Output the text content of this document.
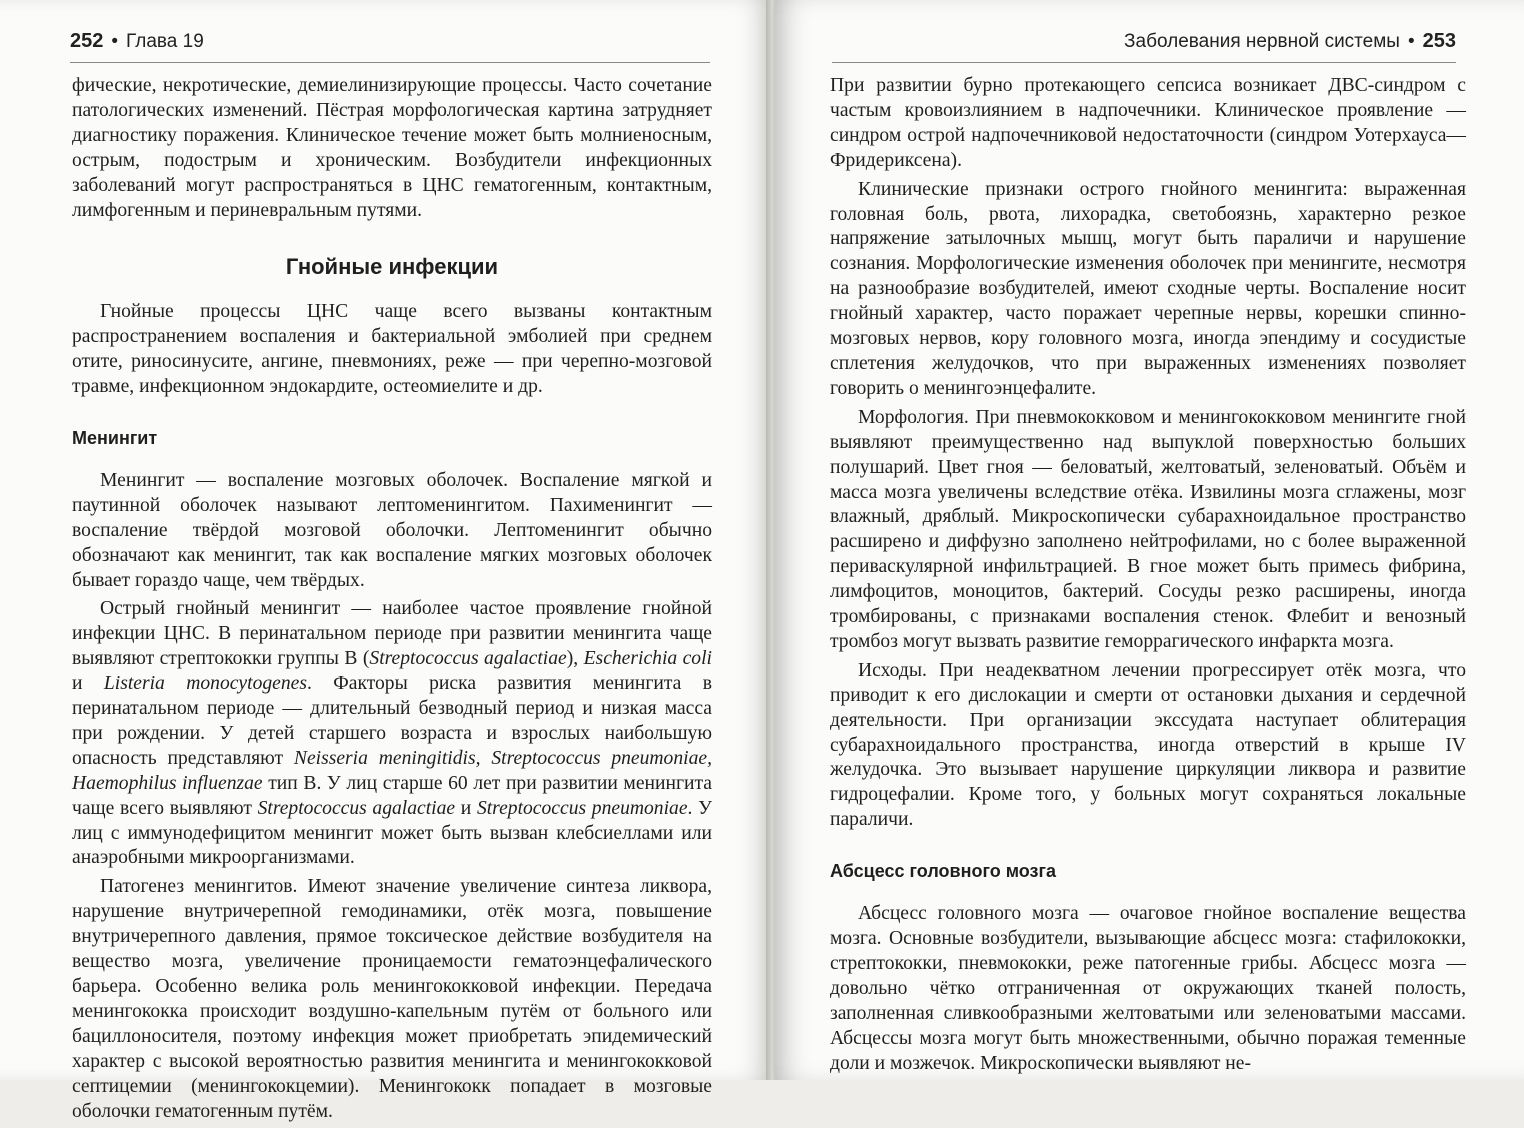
252 • Глава 19

фические, некротические, демиелинизирующие процессы. Часто сочетание патологических изменений. Пёстрая морфологическая картина затрудняет диагностику поражения. Клиническое течение может быть молниеносным, острым, подострым и хроническим. Возбудители инфекционных заболеваний могут распространяться в ЦНС гематогенным, контактным, лимфогенным и периневральным путями.

Гнойные инфекции

Гнойные процессы ЦНС чаще всего вызваны контактным распространением воспаления и бактериальной эмболией при среднем отите, риносинусите, ангине, пневмониях, реже — при черепно-мозговой травме, инфекционном эндокардите, остеомиелите и др.

Менингит

Менингит — воспаление мозговых оболочек. Воспаление мягкой и паутинной оболочек называют лептоменингитом. Пахименингит — воспаление твёрдой мозговой оболочки. Лептоменингит обычно обозначают как менингит, так как воспаление мягких мозговых оболочек бывает гораздо чаще, чем твёрдых.

Острый гнойный менингит — наиболее частое проявление гнойной инфекции ЦНС. В перинатальном периоде при развитии менингита чаще выявляют стрептококки группы В (Streptococcus agalactiae), Escherichia coli и Listeria monocytogenes. Факторы риска развития менингита в перинатальном периоде — длительный безводный период и низкая масса при рождении. У детей старшего возраста и взрослых наибольшую опасность представляют Neisseria meningitidis, Streptococcus pneumoniae, Haemophilus influenzae тип В. У лиц старше 60 лет при развитии менингита чаще всего выявляют Streptococcus agalactiae и Streptococcus pneumoniae. У лиц с иммунодефицитом менингит может быть вызван клебсиеллами или анаэробными микроорганизмами.

Патогенез менингитов. Имеют значение увеличение синтеза ликвора, нарушение внутричерепной гемодинамики, отёк мозга, повышение внутричерепного давления, прямое токсическое действие возбудителя на вещество мозга, увеличение проницаемости гематоэнцефалического барьера. Особенно велика роль менингококковой инфекции. Передача менингококка происходит воздушно-капельным путём от больного или бациллоносителя, поэтому инфекция может приобретать эпидемический характер с высокой вероятностью развития менингита и менингококковой септицемии (менингококцемии). Менингококк попадает в мозговые оболочки гематогенным путём.

Заболевания нервной системы • 253

При развитии бурно протекающего сепсиса возникает ДВС-синдром с частым кровоизлиянием в надпочечники. Клиническое проявление — синдром острой надпочечниковой недостаточности (синдром Уотерхауса—Фридериксена).

Клинические признаки острого гнойного менингита: выраженная головная боль, рвота, лихорадка, светобоязнь, характерно резкое напряжение затылочных мышц, могут быть параличи и нарушение сознания. Морфологические изменения оболочек при менингите, несмотря на разнообразие возбудителей, имеют сходные черты. Воспаление носит гнойный характер, часто поражает черепные нервы, корешки спинно-мозговых нервов, кору головного мозга, иногда эпендиму и сосудистые сплетения желудочков, что при выраженных изменениях позволяет говорить о менингоэнцефалите.

Морфология. При пневмококковом и менингококковом менингите гной выявляют преимущественно над выпуклой поверхностью больших полушарий. Цвет гноя — беловатый, желтоватый, зеленоватый. Объём и масса мозга увеличены вследствие отёка. Извилины мозга сглажены, мозг влажный, дряблый. Микроскопически субарахноидальное пространство расширено и диффузно заполнено нейтрофилами, но с более выраженной периваскулярной инфильтрацией. В гное может быть примесь фибрина, лимфоцитов, моноцитов, бактерий. Сосуды резко расширены, иногда тромбированы, с признаками воспаления стенок. Флебит и венозный тромбоз могут вызвать развитие геморрагического инфаркта мозга.

Исходы. При неадекватном лечении прогрессирует отёк мозга, что приводит к его дислокации и смерти от остановки дыхания и сердечной деятельности. При организации экссудата наступает облитерация субарахноидального пространства, иногда отверстий в крыше IV желудочка. Это вызывает нарушение циркуляции ликвора и развитие гидроцефалии. Кроме того, у больных могут сохраняться локальные параличи.

Абсцесс головного мозга

Абсцесс головного мозга — очаговое гнойное воспаление вещества мозга. Основные возбудители, вызывающие абсцесс мозга: стафилококки, стрептококки, пневмококки, реже патогенные грибы. Абсцесс мозга — довольно чётко отграниченная от окружающих тканей полость, заполненная сливкообразными желтоватыми или зеленоватыми массами. Абсцессы мозга могут быть множественными, обычно поражая теменные доли и мозжечок. Микроскопически выявляют не-
